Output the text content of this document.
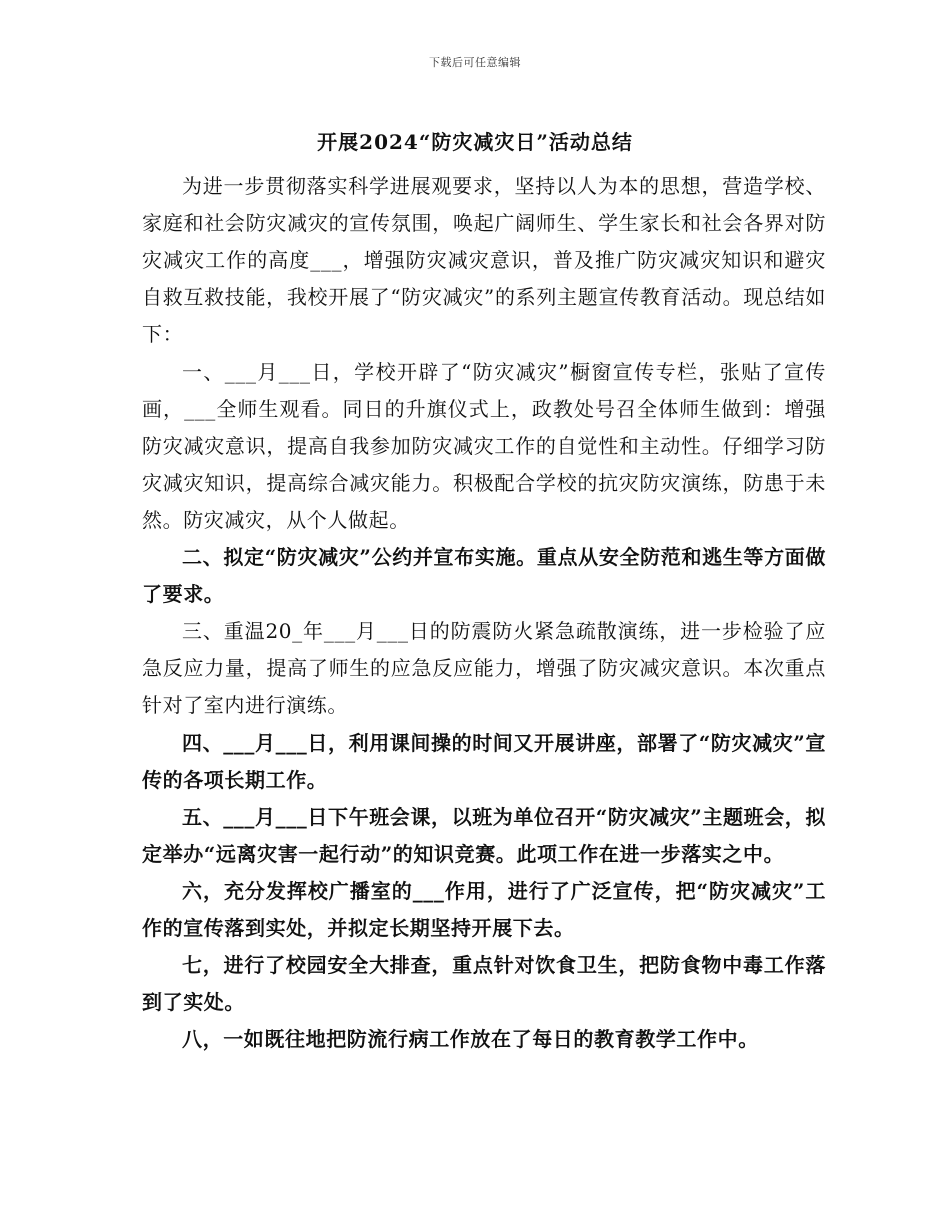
下载后可任意编辑
开展2024“防灾减灾日”活动总结

为进一步贯彻落实科学进展观要求，坚持以人为本的思想，营造学校、家庭和社会防灾减灾的宣传氛围，唤起广阔师生、学生家长和社会各界对防灾减灾工作的高度___，增强防灾减灾意识，普及推广防灾减灾知识和避灾自救互救技能，我校开展了“防灾减灾”的系列主题宣传教育活动。现总结如下：

一、___月___日，学校开辟了“防灾减灾”橱窗宣传专栏，张贴了宣传画，___全师生观看。同日的升旗仪式上，政教处号召全体师生做到：增强防灾减灾意识，提高自我参加防灾减灾工作的自觉性和主动性。仔细学习防灾减灾知识，提高综合减灾能力。积极配合学校的抗灾防灾演练，防患于未然。防灾减灾，从个人做起。

二、拟定“防灾减灾”公约并宣布实施。重点从安全防范和逃生等方面做了要求。

三、重温20_年___月___日的防震防火紧急疏散演练，进一步检验了应急反应力量，提高了师生的应急反应能力，增强了防灾减灾意识。本次重点针对了室内进行演练。

四、___月___日，利用课间操的时间又开展讲座，部署了“防灾减灾”宣传的各项长期工作。

五、___月___日下午班会课，以班为单位召开“防灾减灾”主题班会，拟定举办“远离灾害一起行动”的知识竞赛。此项工作在进一步落实之中。

六，充分发挥校广播室的___作用，进行了广泛宣传，把“防灾减灾”工作的宣传落到实处，并拟定长期坚持开展下去。

七，进行了校园安全大排查，重点针对饮食卫生，把防食物中毒工作落到了实处。

八，一如既往地把防流行病工作放在了每日的教育教学工作中。
